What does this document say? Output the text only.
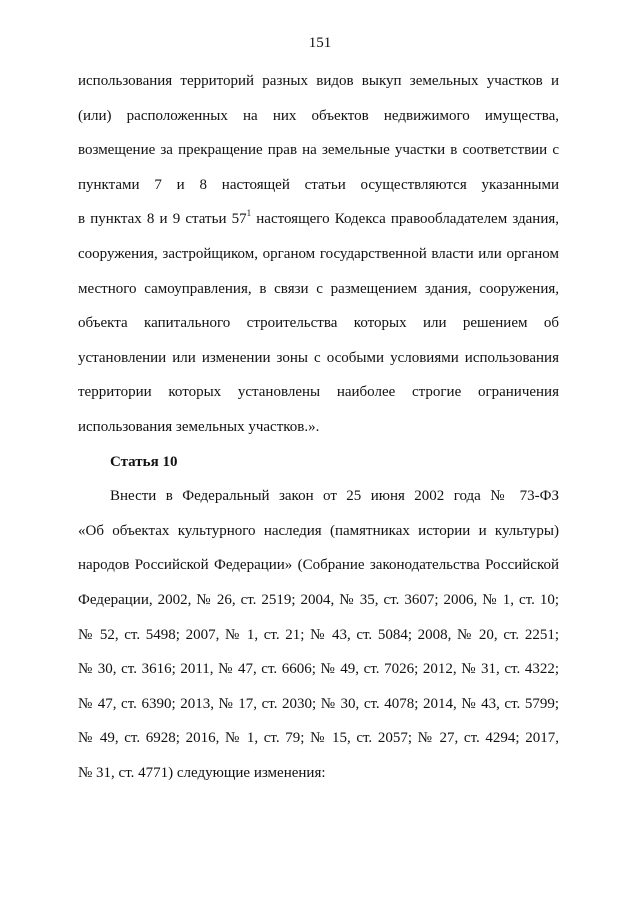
151
использования территорий разных видов выкуп земельных участков и
(или) расположенных на них объектов недвижимого имущества,
возмещение за прекращение прав на земельные участки в соответствии с
пунктами 7 и 8 настоящей статьи осуществляются указанными
в пунктах 8 и 9 статьи $57^1$ настоящего Кодекса правообладателем здания,
сооружения, застройщиком, органом государственной власти или органом
местного самоуправления, в связи с размещением здания, сооружения,
объекта капитального строительства которых или решением об
установлении или изменении зоны с особыми условиями использования
территории которых установлены наиболее строгие ограничения
использования земельных участков.».
Статья 10
Внести в Федеральный закон от 25 июня 2002 года № 73-ФЗ
«Об объектах культурного наследия (памятниках истории и культуры)
народов Российской Федерации» (Собрание законодательства Российской
Федерации, 2002, № 26, ст. 2519; 2004, № 35, ст. 3607; 2006, № 1, ст. 10;
№ 52, ст. 5498; 2007, № 1, ст. 21; № 43, ст. 5084; 2008, № 20, ст. 2251;
№ 30, ст. 3616; 2011, № 47, ст. 6606; № 49, ст. 7026; 2012, № 31, ст. 4322;
№ 47, ст. 6390; 2013, № 17, ст. 2030; № 30, ст. 4078; 2014, № 43, ст. 5799;
№ 49, ст. 6928; 2016, № 1, ст. 79; № 15, ст. 2057; № 27, ст. 4294; 2017,
№ 31, ст. 4771) следующие изменения:
